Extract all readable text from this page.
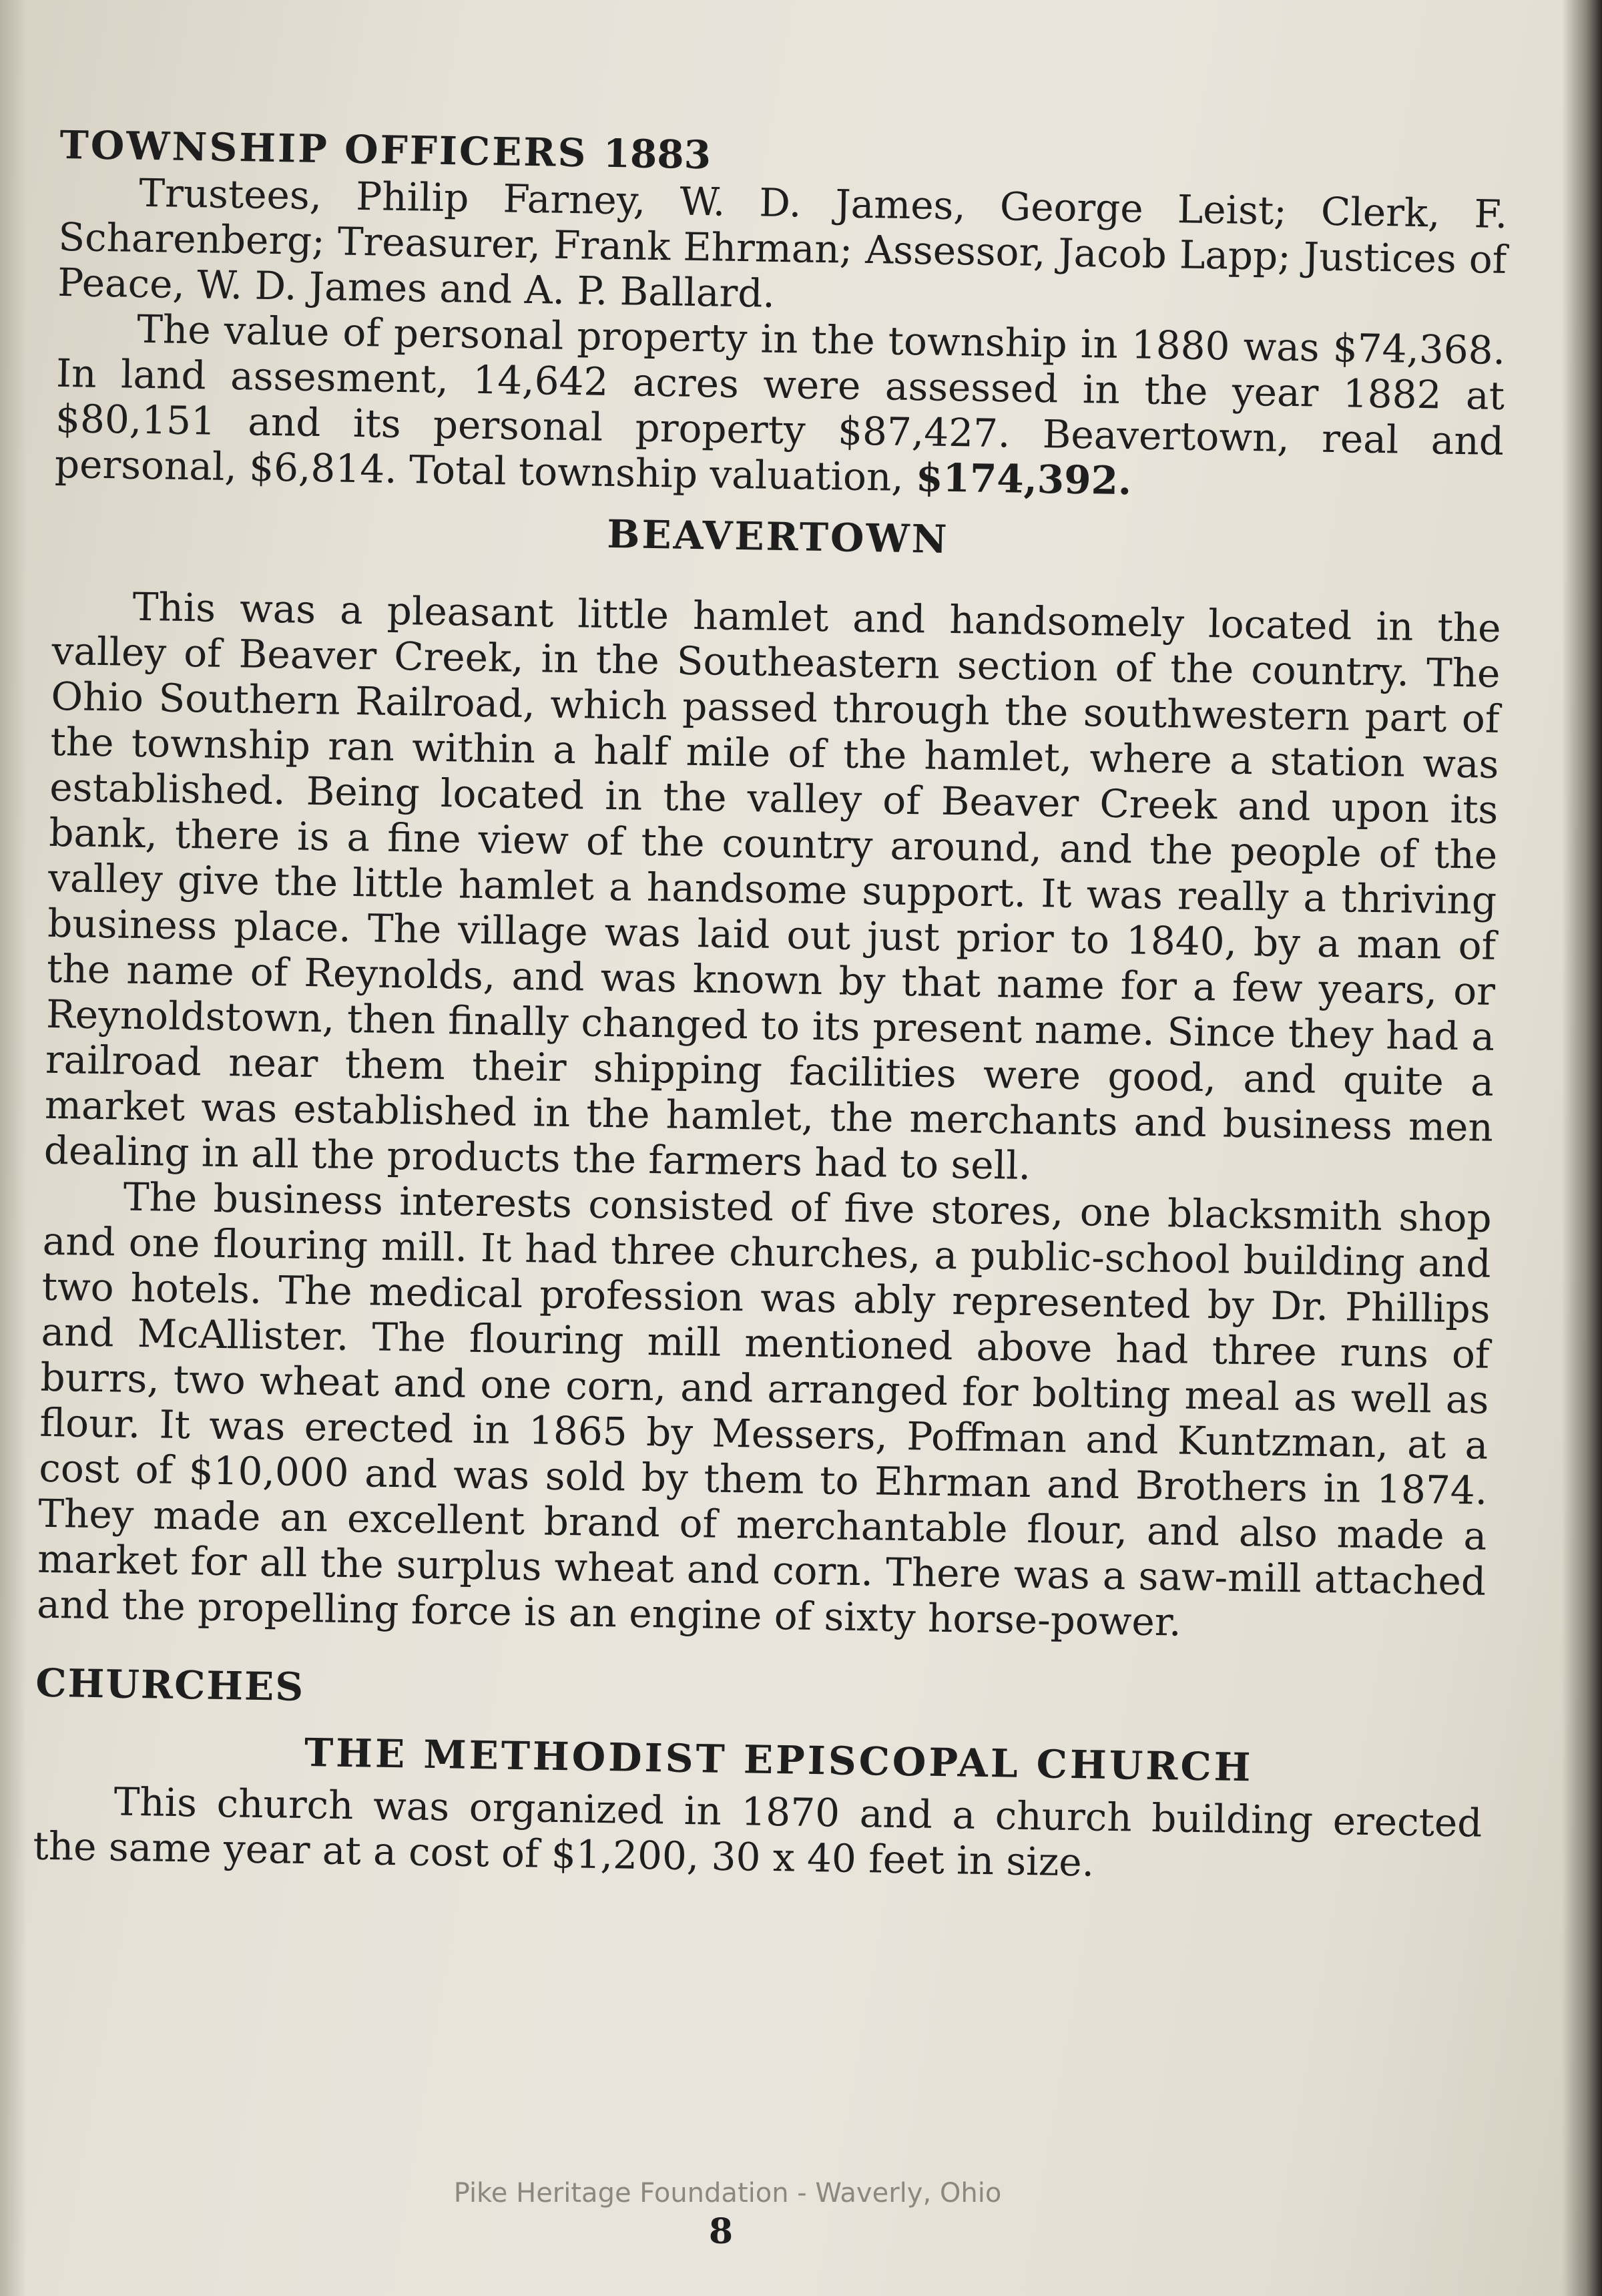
TOWNSHIP OFFICERS 1883

Trustees, Philip Farney, W. D. James, George Leist; Clerk, F. Scharenberg; Treasurer, Frank Ehrman; Assessor, Jacob Lapp; Justices of Peace, W. D. James and A. P. Ballard.

The value of personal property in the township in 1880 was $74,368. In land assesment, 14,642 acres were assessed in the year 1882 at $80,151 and its personal property $87,427. Beavertown, real and personal, $6,814. Total township valuation, $174,392.

BEAVERTOWN

This was a pleasant little hamlet and handsomely located in the valley of Beaver Creek, in the Southeastern section of the country. The Ohio Southern Railroad, which passed through the southwestern part of the township ran within a half mile of the hamlet, where a station was established. Being located in the valley of Beaver Creek and upon its bank, there is a fine view of the country around, and the people of the valley give the little hamlet a handsome support. It was really a thriving business place. The village was laid out just prior to 1840, by a man of the name of Reynolds, and was known by that name for a few years, or Reynoldstown, then finally changed to its present name. Since they had a railroad near them their shipping facilities were good, and quite a market was established in the hamlet, the merchants and business men dealing in all the products the farmers had to sell.

The business interests consisted of five stores, one blacksmith shop and one flouring mill. It had three churches, a public-school building and two hotels. The medical profession was ably represented by Dr. Phillips and McAllister. The flouring mill mentioned above had three runs of burrs, two wheat and one corn, and arranged for bolting meal as well as flour. It was erected in 1865 by Messers, Poffman and Kuntzman, at a cost of $10,000 and was sold by them to Ehrman and Brothers in 1874. They made an excellent brand of merchantable flour, and also made a market for all the surplus wheat and corn. There was a saw-mill attached and the propelling force is an engine of sixty horse-power.

CHURCHES
THE METHODIST EPISCOPAL CHURCH

This church was organized in 1870 and a church building erected the same year at a cost of $1,200, 30 x 40 feet in size.

Pike Heritage Foundation - Waverly, Ohio
8
